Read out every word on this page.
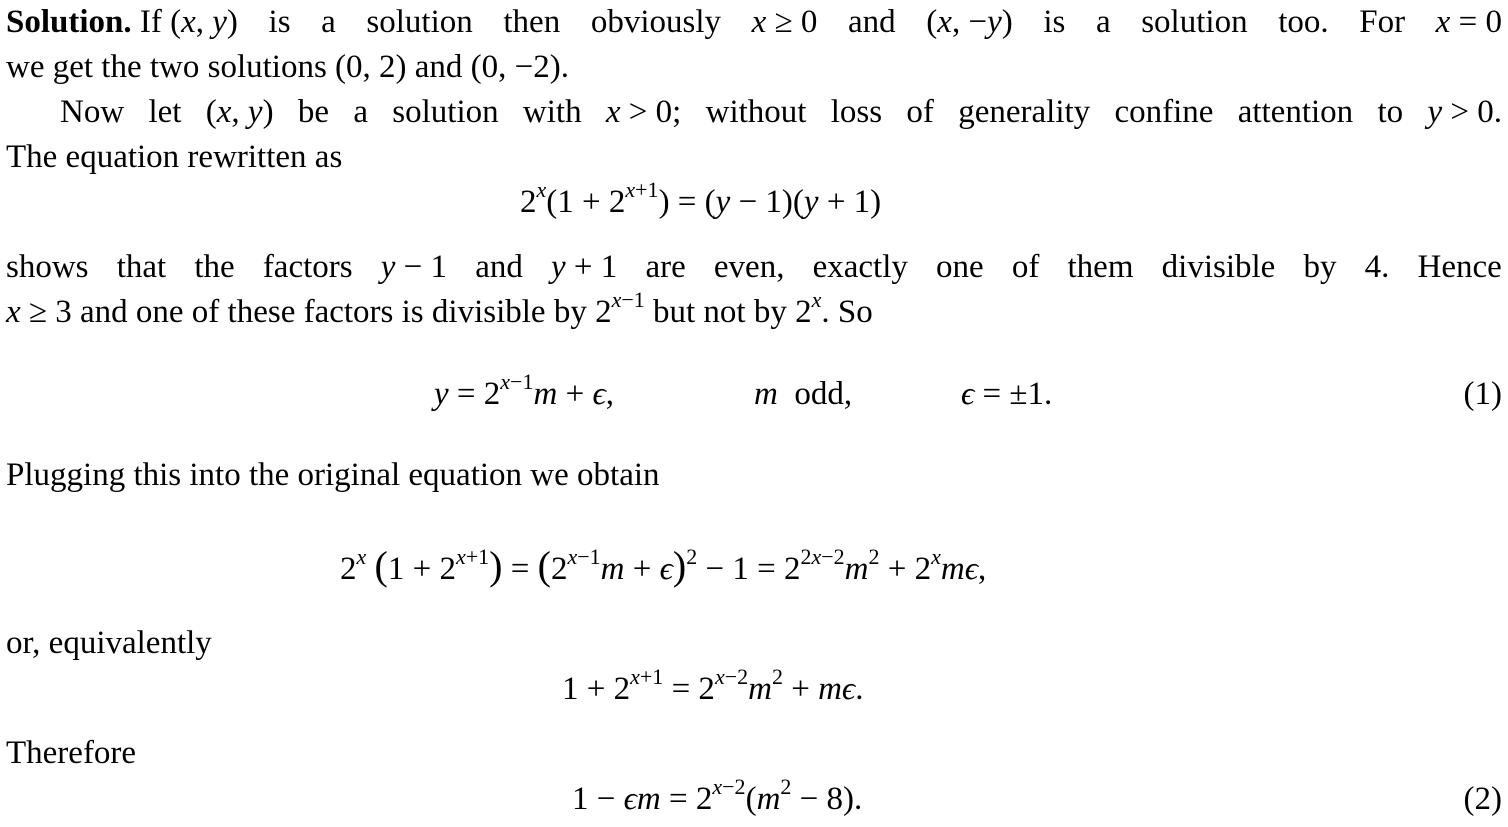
Solution. If (x, y) is a solution then obviously x ≥ 0 and (x, −y) is a solution too. For x = 0
we get the two solutions (0, 2) and (0, −2).
Now let (x, y) be a solution with x > 0; without loss of generality confine attention to y > 0.
The equation rewritten as
$2^x(1 + 2^{x+1}) = (y - 1)(y + 1)$
shows that the factors y − 1 and y + 1 are even, exactly one of them divisible by 4. Hence
x ≥ 3 and one of these factors is divisible by $2^{x-1}$ but not by 2$^x$. So
$y = 2^{x-1}m + \epsilon$,	m  odd,	ϵ = ±1.	(1)
Plugging this into the original equation we obtain
2$^x$ $(1 + 2^{x+1}) = (2^{x-1}m + \epsilon)^2 - 1 = 2^{2x-2}m^2 + 2^xm\epsilon$,
or, equivalently
$1 + 2^{x+1} = 2^{x-2}m^2 + m\epsilon$.
Therefore
$1 - \epsilon m = 2^{x-2}(m^2 - 8)$.	(2)
